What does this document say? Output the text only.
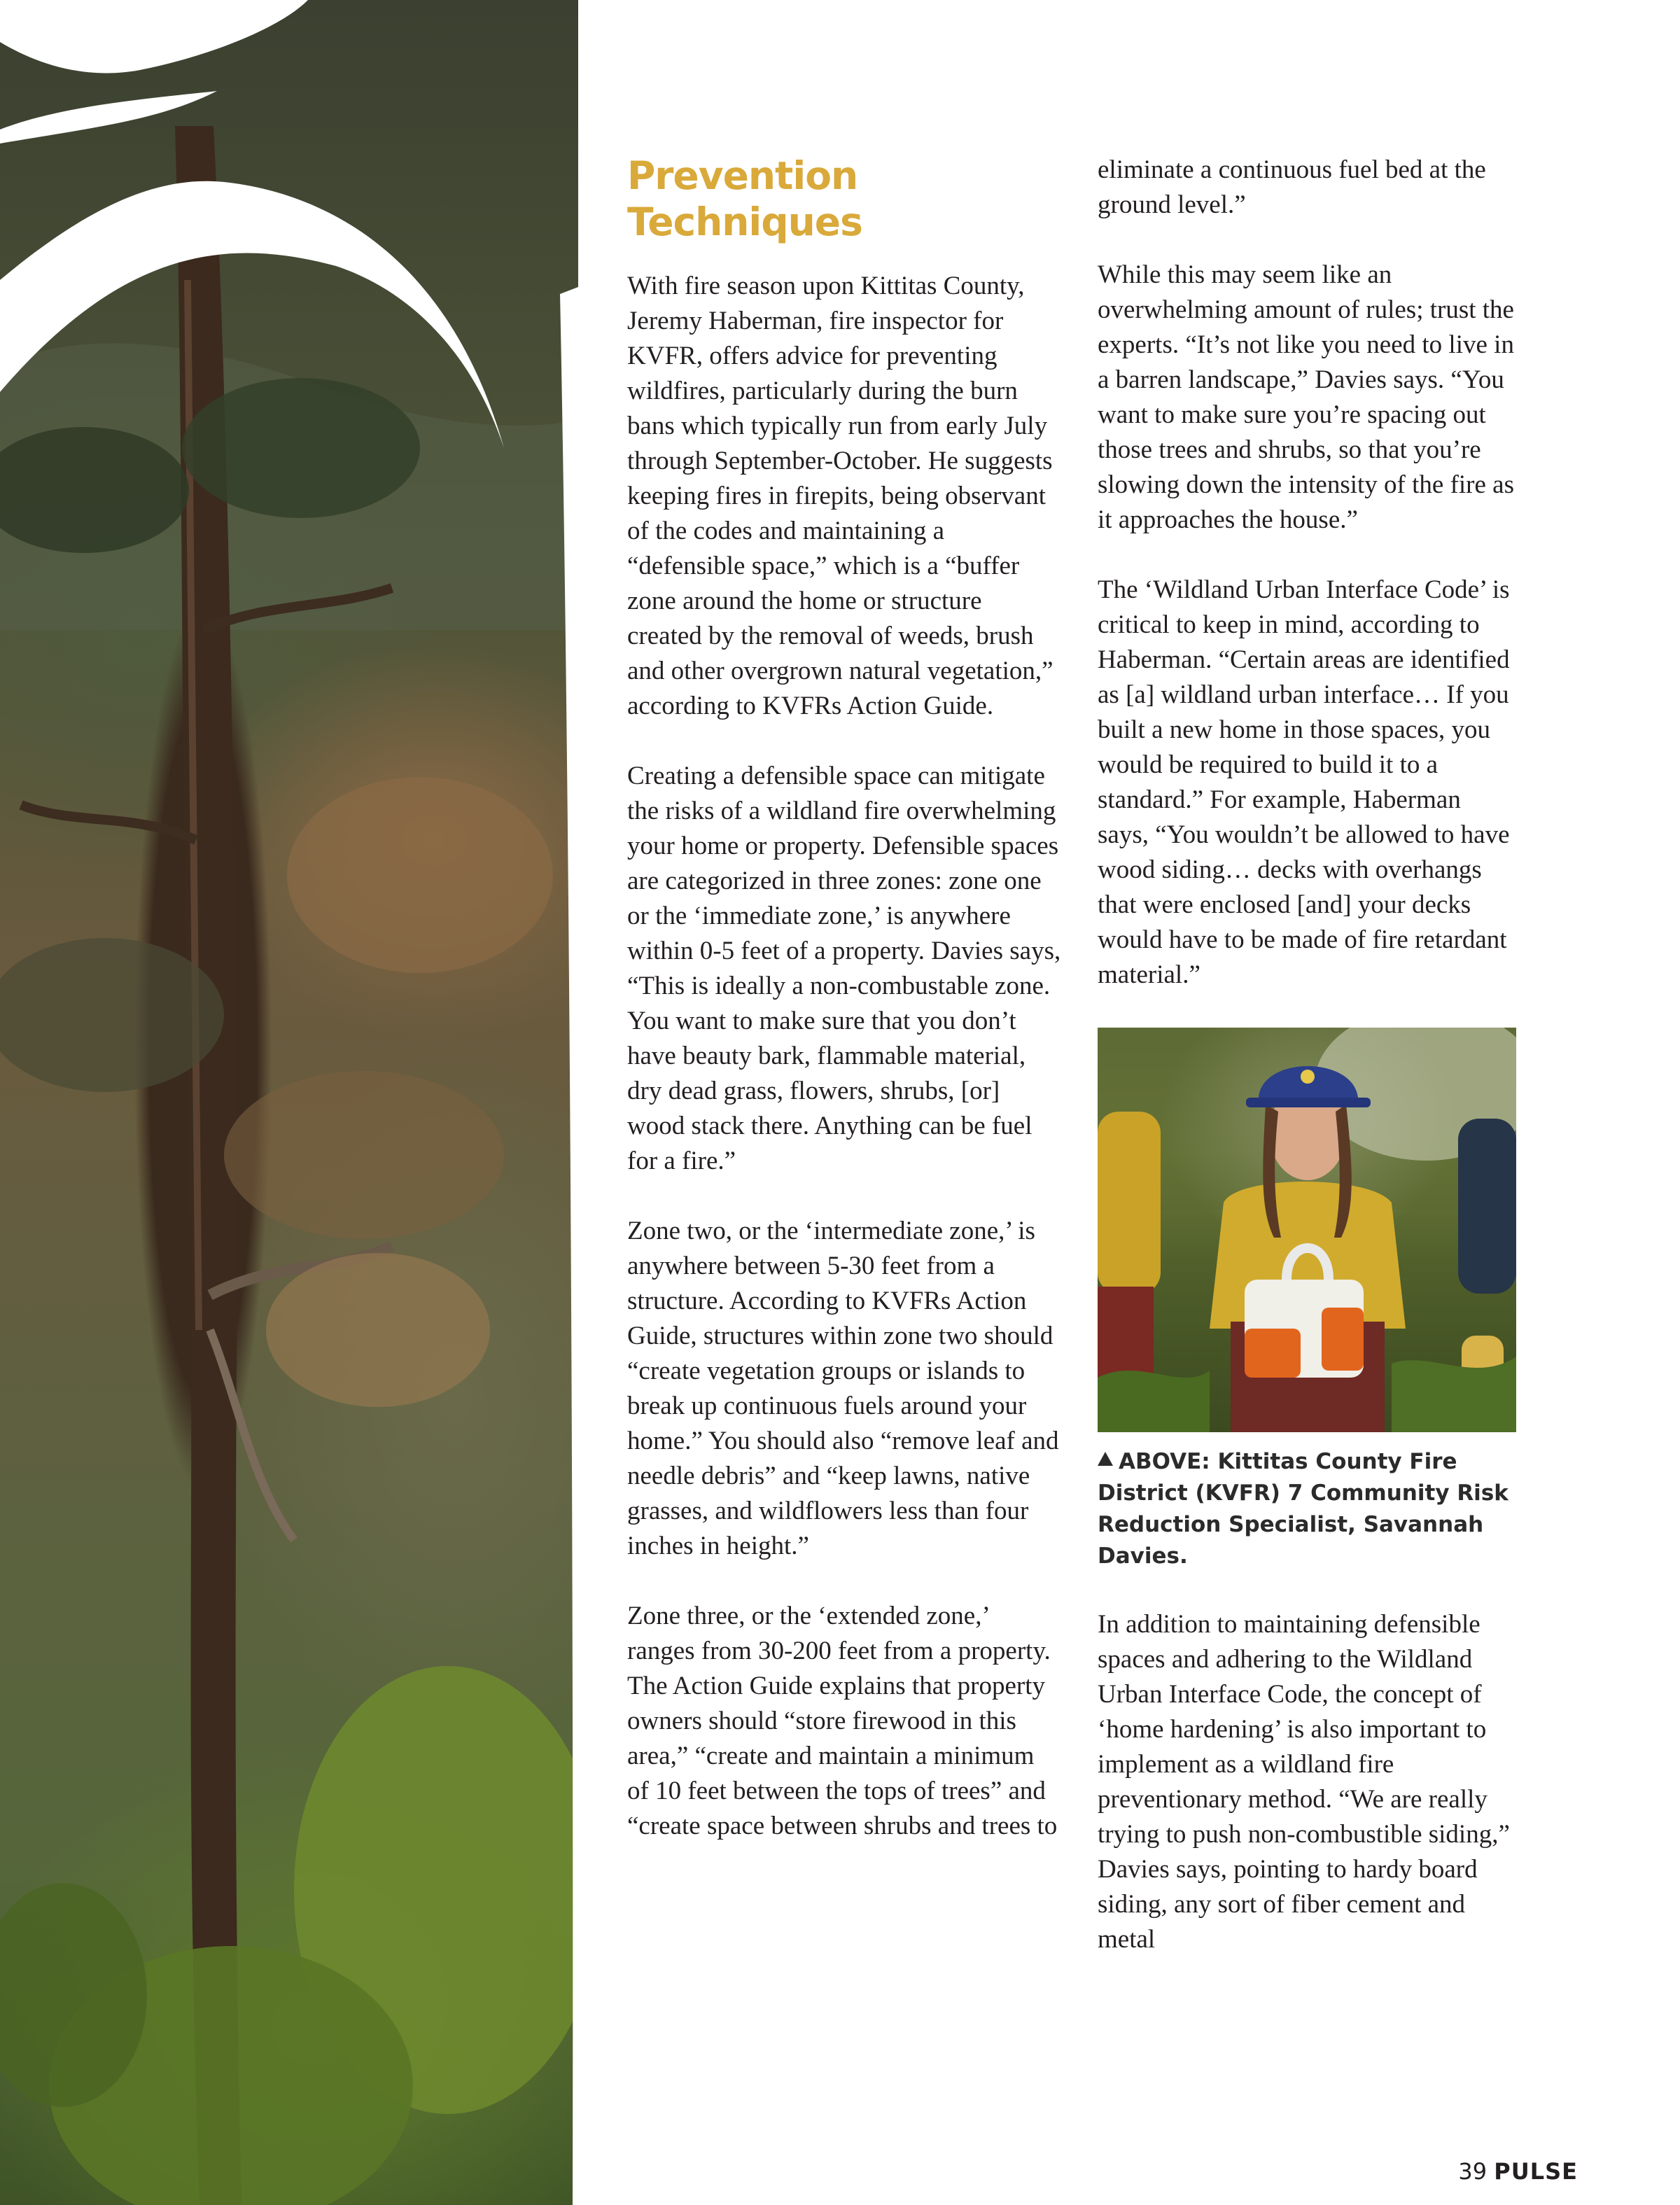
Prevention
Techniques

With fire season upon Kittitas County, Jeremy Haberman, fire inspector for KVFR, offers advice for preventing wildfires, particularly during the burn bans which typically run from early July through September-October. He suggests keeping fires in firepits, being observant of the codes and maintaining a “defensible space,” which is a “buffer zone around the home or structure created by the removal of weeds, brush and other overgrown natural vegetation,” according to KVFRs Action Guide.

Creating a defensible space can mitigate the risks of a wildland fire overwhelming your home or property. Defensible spaces are categorized in three zones: zone one or the ‘immediate zone,’ is anywhere within 0-5 feet of a property. Davies says, “This is ideally a non-combustable zone. You want to make sure that you don’t have beauty bark, flammable material, dry dead grass, flowers, shrubs, [or] wood stack there. Anything can be fuel for a fire.”

Zone two, or the ‘intermediate zone,’ is anywhere between 5-30 feet from a structure. According to KVFRs Action Guide, structures within zone two should “create vegetation groups or islands to break up continuous fuels around your home.” You should also “remove leaf and needle debris” and “keep lawns, native grasses, and wildflowers less than four inches in height.”

Zone three, or the ‘extended zone,’ ranges from 30-200 feet from a property. The Action Guide explains that property owners should “store firewood in this area,” “create and maintain a minimum of 10 feet between the tops of trees” and “create space between shrubs and trees to

eliminate a continuous fuel bed at the ground level.”

While this may seem like an overwhelming amount of rules; trust the experts. “It’s not like you need to live in a barren landscape,” Davies says. “You want to make sure you’re spacing out those trees and shrubs, so that you’re slowing down the intensity of the fire as it approaches the house.”

The ‘Wildland Urban Interface Code’ is critical to keep in mind, according to Haberman. “Certain areas are identified as [a] wildland urban interface… If you built a new home in those spaces, you would be required to build it to a standard.” For example, Haberman says, “You wouldn’t be allowed to have wood siding… decks with overhangs that were enclosed [and] your decks would have to be made of fire retardant material.”

ABOVE: Kittitas County Fire District (KVFR) 7 Community Risk Reduction Specialist, Savannah Davies.

In addition to maintaining defensible spaces and adhering to the Wildland Urban Interface Code, the concept of ‘home hardening’ is also important to implement as a wildland fire preventionary method. “We are really trying to push non-combustible siding,” Davies says, pointing to hardy board siding, any sort of fiber cement and metal

39 PULSE
